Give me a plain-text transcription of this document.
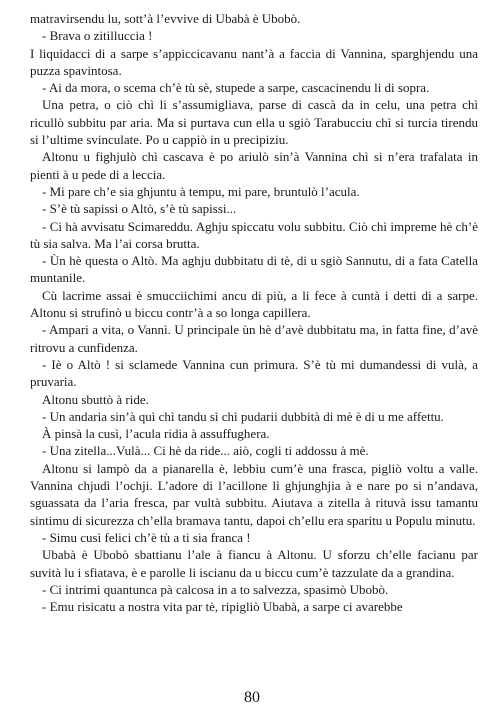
matravirsendu lu, sott’à l’evvive di Ubabà è Ubobò.

- Brava o zitilluccia !

I liquidacci di a sarpe s’appiccicavanu nant’à a faccia di Vannina, sparghjendu una puzza spavintosa.

- Ai da mora, o scema ch’è tù sè, stupede a sarpe, cascacinendu li di sopra.

Una petra, o ciò chì li s’assumigliava, parse di cascà da in celu, una petra chì ricullò subbitu par aria. Ma si purtava cun ella u sgiò Tarabucciu chì si turcia tirendu si l’ultime svinculate. Po u cappiò in u precipiziu.

Altonu u fighjulò chì cascava è po ariulò sin’à Vannina chì si n’era trafalata in pienti à u pede di a leccia.

- Mi pare ch’e sia ghjuntu à tempu, mi pare, bruntulò l’acula.

- S’è tù sapissi o Altò, s’è tù sapissi...

- Ci hà avvisatu Scimareddu. Aghju spiccatu volu subbitu. Ciò chì impreme hè ch’è tù sia salva. Ma l’ai corsa brutta.

- Ùn hè questa o Altò. Ma aghju dubbitatu di tè, di u sgiò Sannutu, di a fata Catella muntanile.

Cù lacrime assai è smucciichimi ancu di più, a li fece à cuntà i detti di a sarpe. Altonu si strufinò u biccu contr’à a so longa capillera.

- Ampari a vita, o Vannì. U principale ùn hè d’avè dubbitatu ma, in fatta fine, d’avè ritrovu a cunfidenza.

- Iè o Altò ! si sclamede Vannina cun primura. S’è tù mi dumandessi di vulà, a pruvaria.

Altonu sbuttò à ride.

- Un andaria sin’à quì chì tandu sì chì pudarii dubbità di mè è di u me affettu.

À pinsà la cusì, l’acula ridia à assuffughera.

- Una zitella...Vulà... Ci hè da ride... aiò, cogli ti addossu à mè.

Altonu si lampò da a pianarella è, lebbiu cum’è una frasca, pigliò voltu a valle. Vannina chjudì l’ochji. L’adore di l’acillone lì ghjunghjia à e nare po si n’andava, sguassata da l’aria fresca, par vultà subbitu. Aiutava a zitella à rituvà issu tamantu sintimu di sicurezza ch’ella bramava tantu, dapoi ch’ellu era sparitu u Populu minutu.

- Simu cusì felici ch’è tù a ti sia franca !

Ubabà è Ubobò sbattianu l’ale à fiancu à Altonu. U sforzu ch’elle facianu par suvità lu i sfiatava, è e parolle li iscianu da u biccu cum’è tazzulate da a grandina.

- Ci intrimi quantunca pà calcosa in a to salvezza, spasimò Ubobò.

- Emu risicatu a nostra vita par tè, ripigliò Ubabà, a sarpe ci avarebbe

80
